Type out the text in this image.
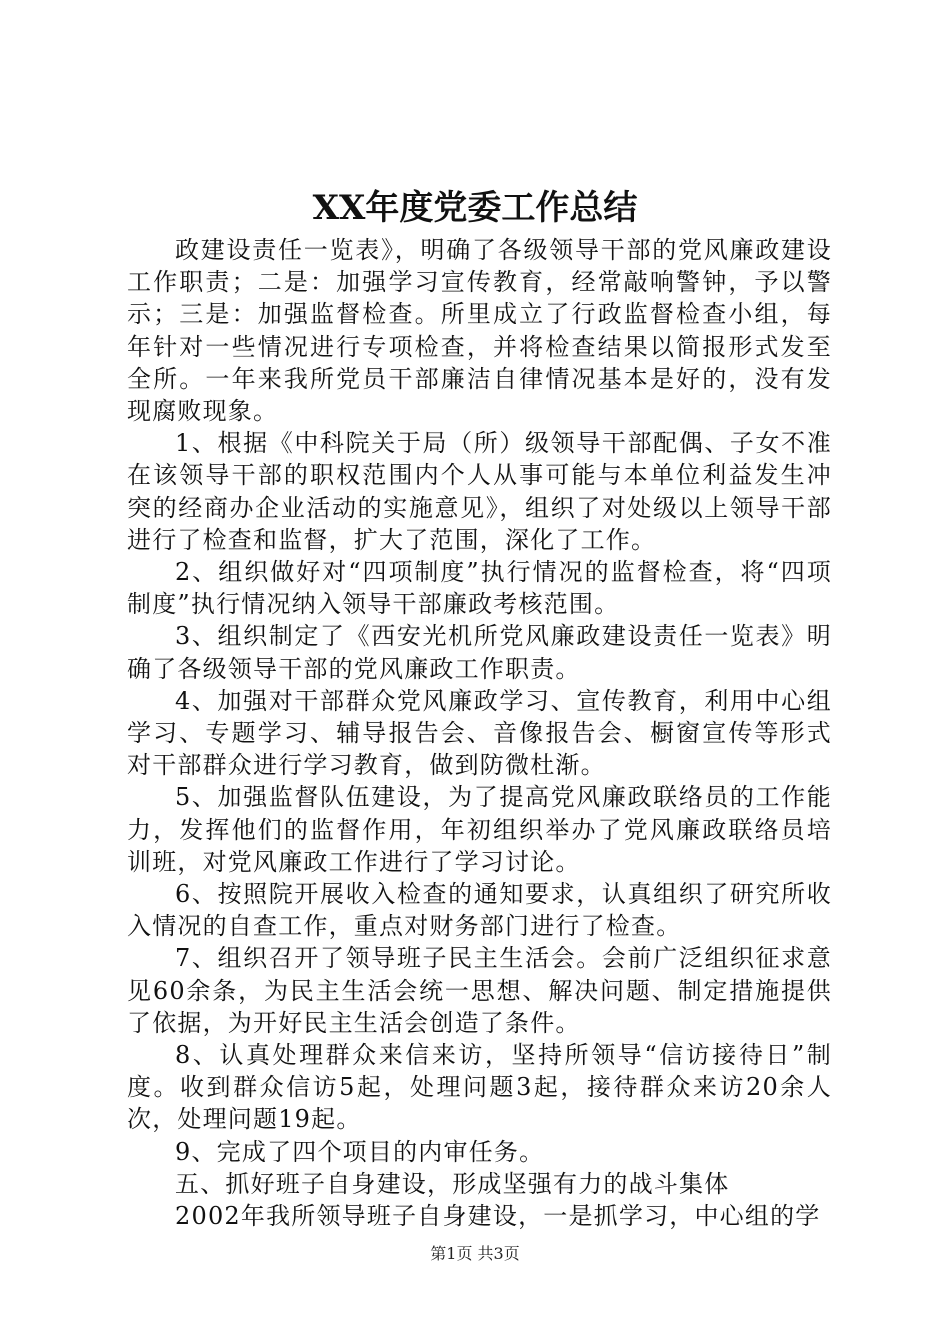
XX年度党委工作总结

政建设责任一览表》，明确了各级领导干部的党风廉政建设工作职责；二是：加强学习宣传教育，经常敲响警钟，予以警示；三是：加强监督检查。所里成立了行政监督检查小组，每年针对一些情况进行专项检查，并将检查结果以简报形式发至全所。一年来我所党员干部廉洁自律情况基本是好的，没有发现腐败现象。

1、根据《中科院关于局（所）级领导干部配偶、子女不准在该领导干部的职权范围内个人从事可能与本单位利益发生冲突的经商办企业活动的实施意见》，组织了对处级以上领导干部进行了检查和监督，扩大了范围，深化了工作。

2、组织做好对“四项制度”执行情况的监督检查，将“四项制度”执行情况纳入领导干部廉政考核范围。

3、组织制定了《西安光机所党风廉政建设责任一览表》明确了各级领导干部的党风廉政工作职责。

4、加强对干部群众党风廉政学习、宣传教育，利用中心组学习、专题学习、辅导报告会、音像报告会、橱窗宣传等形式对干部群众进行学习教育，做到防微杜渐。

5、加强监督队伍建设，为了提高党风廉政联络员的工作能力，发挥他们的监督作用，年初组织举办了党风廉政联络员培训班，对党风廉政工作进行了学习讨论。

6、按照院开展收入检查的通知要求，认真组织了研究所收入情况的自查工作，重点对财务部门进行了检查。

7、组织召开了领导班子民主生活会。会前广泛组织征求意见60余条，为民主生活会统一思想、解决问题、制定措施提供了依据，为开好民主生活会创造了条件。

8、认真处理群众来信来访，坚持所领导“信访接待日”制度。收到群众信访5起，处理问题3起，接待群众来访20余人次，处理问题19起。

9、完成了四个项目的内审任务。

五、抓好班子自身建设，形成坚强有力的战斗集体

2002年我所领导班子自身建设，一是抓学习，中心组的学

第1页 共3页
